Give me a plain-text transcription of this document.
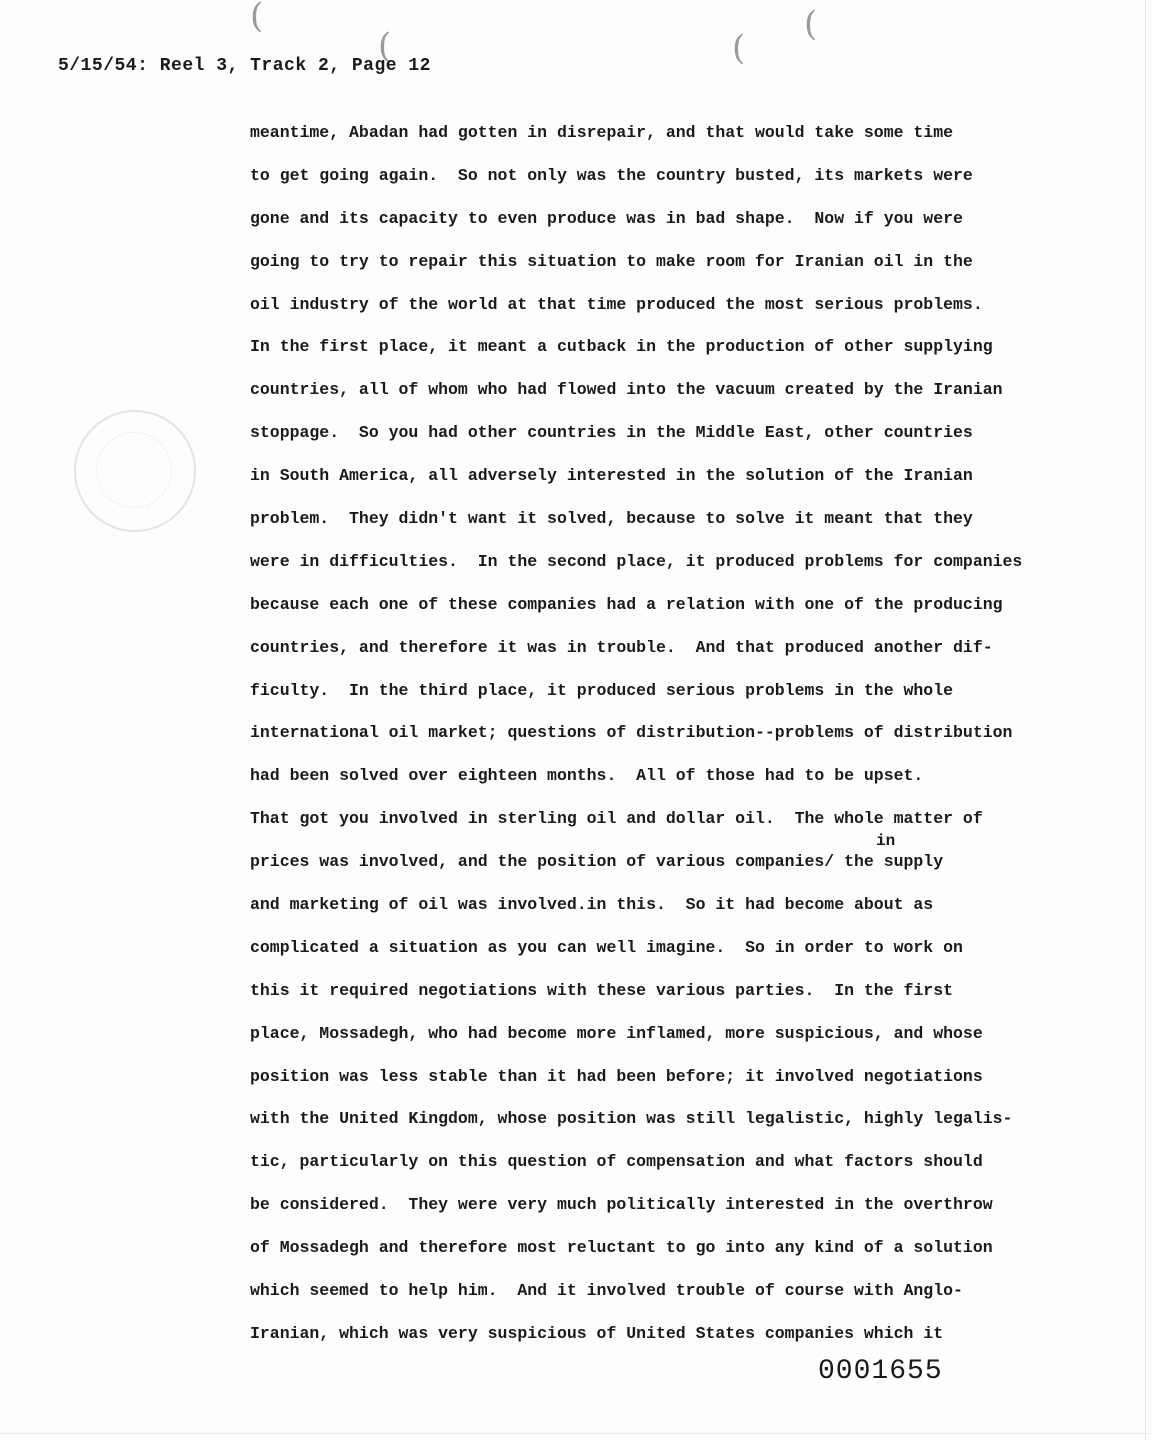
(
(	(
(
5/15/54: Reel 3, Track 2, Page 12
meantime, Abadan had gotten in disrepair, and that would take some time
to get going again.  So not only was the country busted, its markets were
gone and its capacity to even produce was in bad shape.  Now if you were
going to try to repair this situation to make room for Iranian oil in the
oil industry of the world at that time produced the most serious problems.
In the first place, it meant a cutback in the production of other supplying
countries, all of whom who had flowed into the vacuum created by the Iranian
stoppage.  So you had other countries in the Middle East, other countries
in South America, all adversely interested in the solution of the Iranian
problem.  They didn't want it solved, because to solve it meant that they
were in difficulties.  In the second place, it produced problems for companies
because each one of these companies had a relation with one of the producing
countries, and therefore it was in trouble.  And that produced another dif-
ficulty.  In the third place, it produced serious problems in the whole
international oil market; questions of distribution--problems of distribution
had been solved over eighteen months.  All of those had to be upset.
That got you involved in sterling oil and dollar oil.  The whole matter of
prices was involved, and the position of various companies/ the supply
and marketing of oil was involved.in this.  So it had become about as
complicated a situation as you can well imagine.  So in order to work on
this it required negotiations with these various parties.  In the first
place, Mossadegh, who had become more inflamed, more suspicious, and whose
position was less stable than it had been before; it involved negotiations
with the United Kingdom, whose position was still legalistic, highly legalis-
tic, particularly on this question of compensation and what factors should
be considered.  They were very much politically interested in the overthrow
of Mossadegh and therefore most reluctant to go into any kind of a solution
which seemed to help him.  And it involved trouble of course with Anglo-
Iranian, which was very suspicious of United States companies which it
in
0001655
